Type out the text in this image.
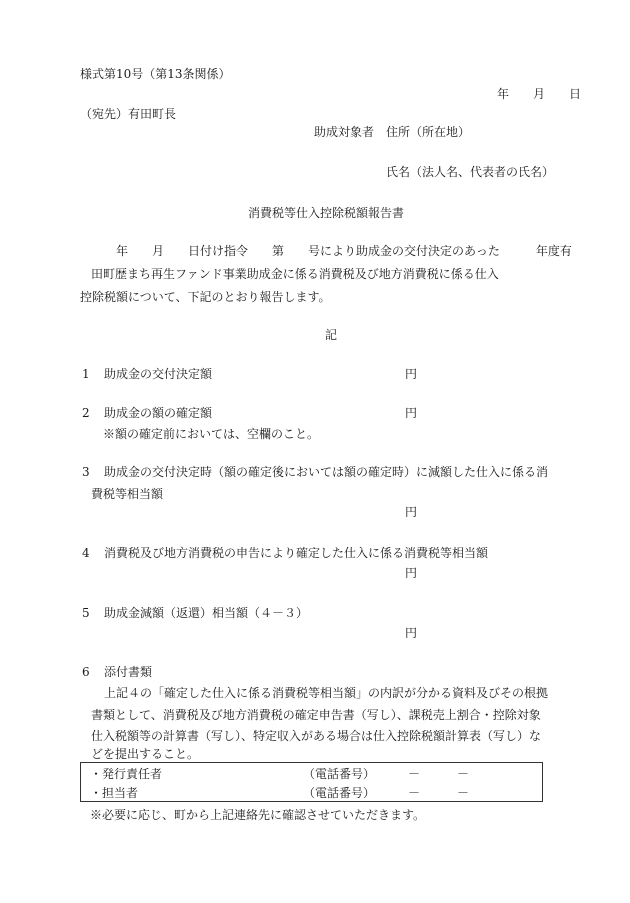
様式第10号（第13条関係）
年　　月　　日
（宛先）有田町長
助成対象者 住所（所在地）
氏名（法人名、代表者の氏名）
消費税等仕入控除税額報告書
年　　月　　日付け指令　　第　　号により助成金の交付決定のあった　　　年度有
田町歴まち再生ファンド事業助成金に係る消費税及び地方消費税に係る仕入
控除税額について、下記のとおり報告します。
記
1 助成金の交付決定額	円
2 助成金の額の確定額	円
※額の確定前においては、空欄のこと。
3 助成金の交付決定時（額の確定後においては額の確定時）に減額した仕入に係る消
費税等相当額
円
4 消費税及び地方消費税の申告により確定した仕入に係る消費税等相当額
円
5 助成金減額（返還）相当額（４－３）
円
6 添付書類
上記４の「確定した仕入に係る消費税等相当額」の内訳が分かる資料及びその根拠
書類として、消費税及び地方消費税の確定申告書（写し）、課税売上割合・控除対象
仕入税額等の計算書（写し）、特定収入がある場合は仕入控除税額計算表（写し）な
どを提出すること。
・発行責任者	（電話番号）	－	－
・担当者	（電話番号）	－	－
※必要に応じ、町から上記連絡先に確認させていただきます。
